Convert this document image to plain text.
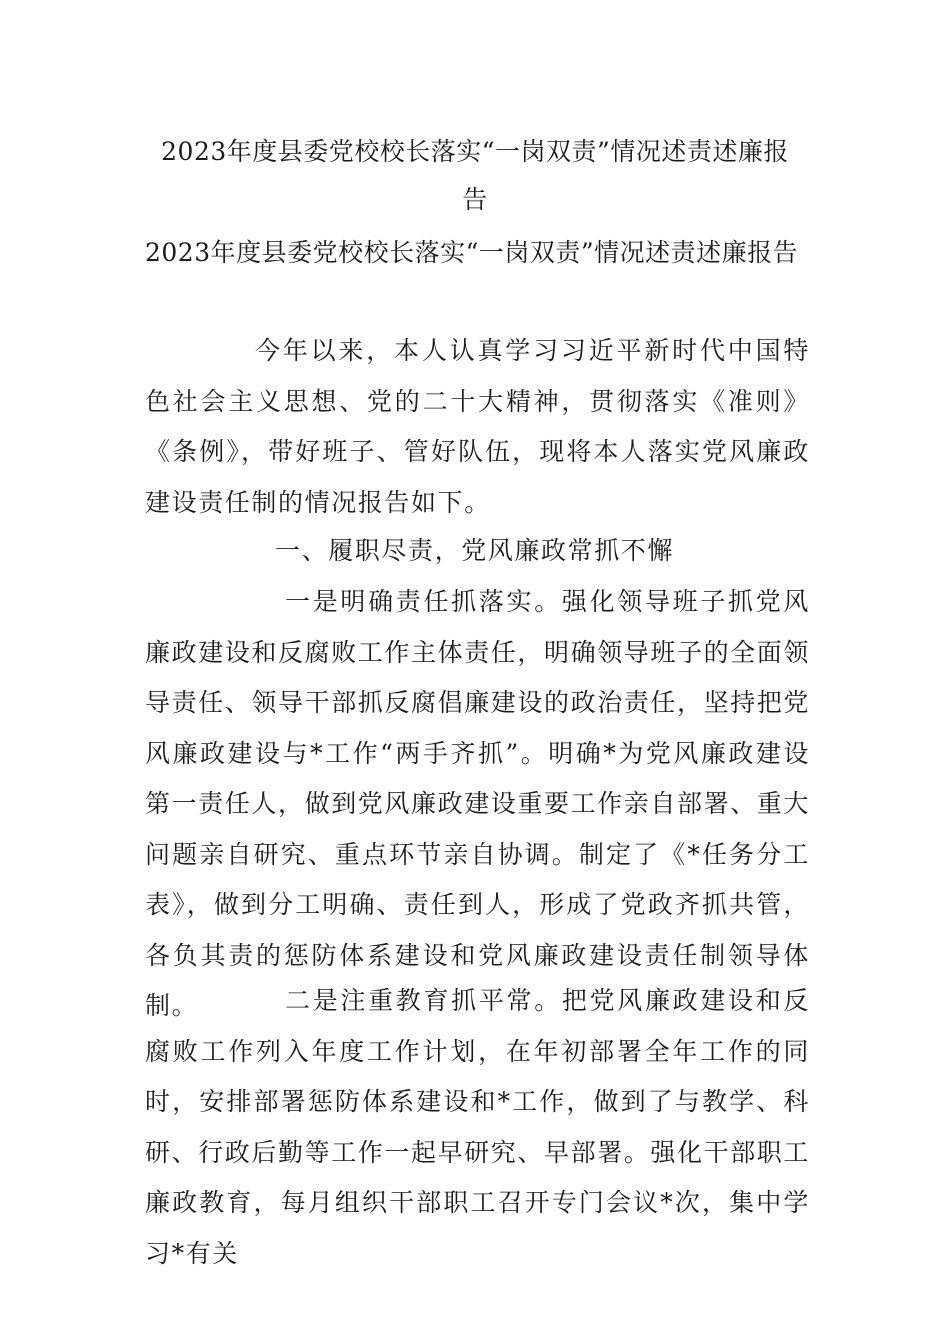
2023年度县委党校校长落实“一岗双责”情况述责述廉报
告
2023年度县委党校校长落实“一岗双责”情况述责述廉报告
今年以来，本人认真学习习近平新时代中国特色社会主义思想、党的二十大精神，贯彻落实《准则》《条例》，带好班子、管好队伍，现将本人落实党风廉政建设责任制的情况报告如下。
一、履职尽责，党风廉政常抓不懈
一是明确责任抓落实。强化领导班子抓党风廉政建设和反腐败工作主体责任，明确领导班子的全面领导责任、领导干部抓反腐倡廉建设的政治责任，坚持把党风廉政建设与*工作“两手齐抓”。明确*为党风廉政建设第一责任人，做到党风廉政建设重要工作亲自部署、重大问题亲自研究、重点环节亲自协调。制定了《*任务分工表》，做到分工明确、责任到人，形成了党政齐抓共管，各负其责的惩防体系建设和党风廉政建设责任制领导体制。	二是注重教育抓平常。把党风廉政建设和反腐败工作列入年度工作计划，在年初部署全年工作的同时，安排部署惩防体系建设和*工作，做到了与教学、科研、行政后勤等工作一起早研究、早部署。强化干部职工廉政教育，每月组织干部职工召开专门会议*次，集中学习*有关
